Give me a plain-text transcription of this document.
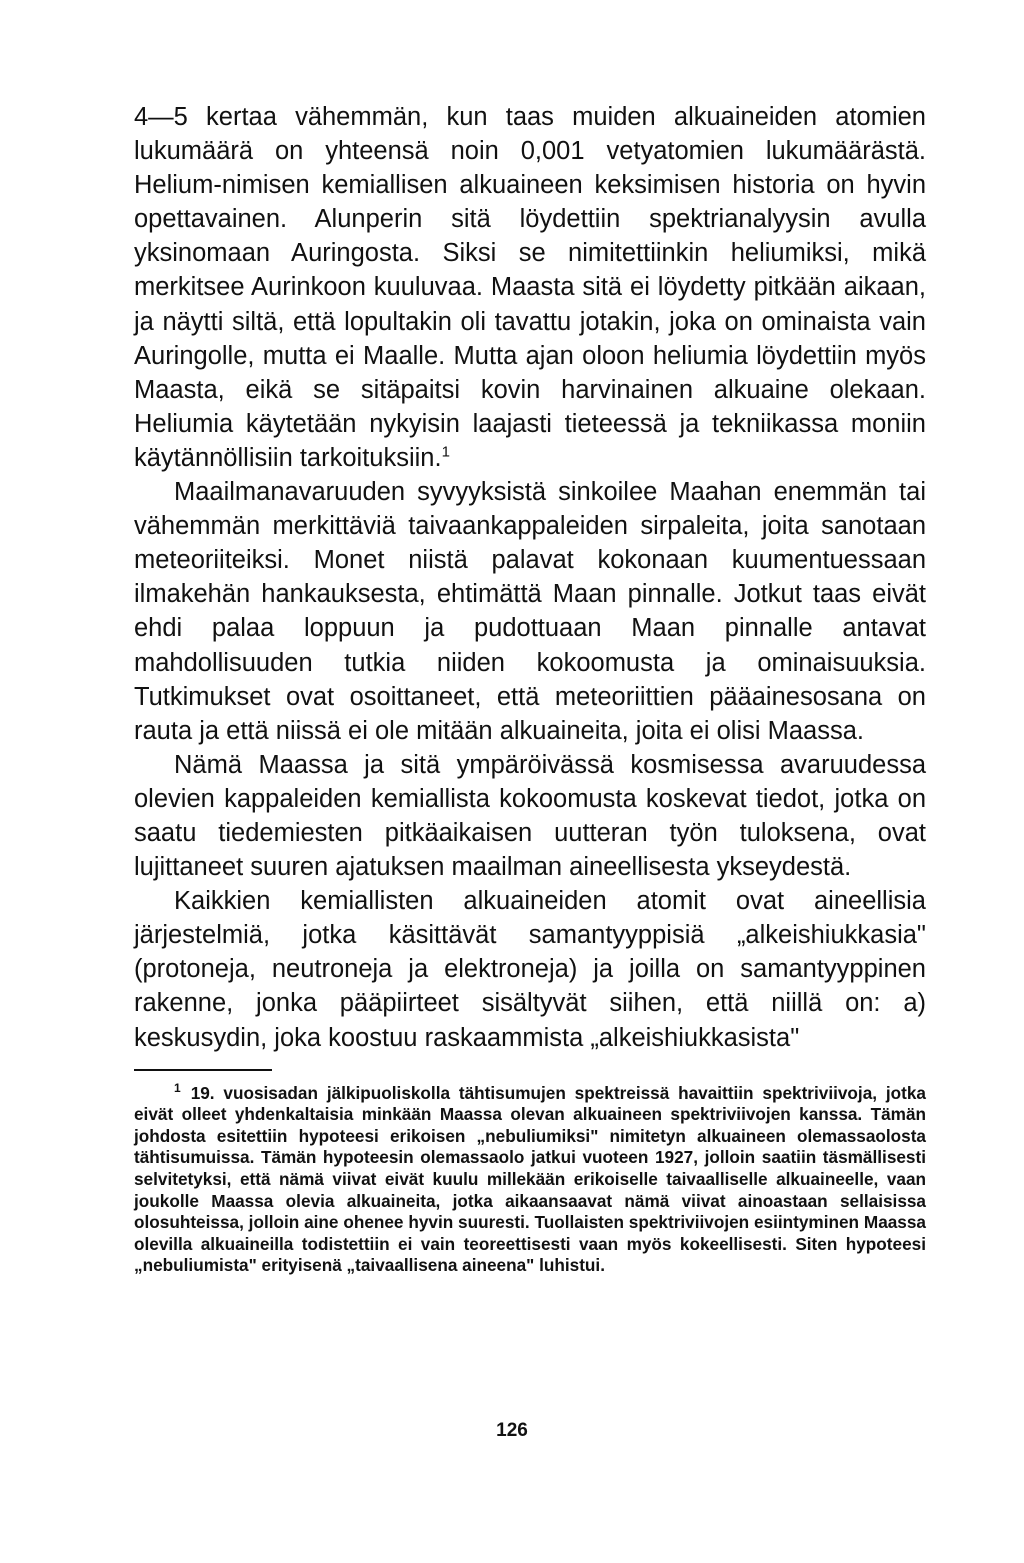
4—5 kertaa vähemmän, kun taas muiden alkuaineiden atomien lukumäärä on yhteensä noin 0,001 vetyatomien lukumäärästä. Helium-nimisen kemiallisen alkuaineen keksimisen historia on hyvin opettavainen. Alunperin sitä löydettiin spektrianalyysin avulla yksinomaan Auringosta. Siksi se nimitettiinkin heliumiksi, mikä merkitsee Aurinkoon kuuluvaa. Maasta sitä ei löydetty pitkään aikaan, ja näytti siltä, että lopultakin oli tavattu jotakin, joka on ominaista vain Auringolle, mutta ei Maalle. Mutta ajan oloon heliumia löydettiin myös Maasta, eikä se sitäpaitsi kovin harvinainen alkuaine olekaan. Heliumia käytetään nykyisin laajasti tieteessä ja tekniikassa moniin käytännöllisiin tarkoituksiin.$^1$

Maailmanavaruuden syvyyksistä sinkoilee Maahan enemmän tai vähemmän merkittäviä taivaankappaleiden sirpaleita, joita sanotaan meteoriiteiksi. Monet niistä palavat kokonaan kuumentuessaan ilmakehän hankauksesta, ehtimättä Maan pinnalle. Jotkut taas eivät ehdi palaa loppuun ja pudottuaan Maan pinnalle antavat mahdollisuuden tutkia niiden kokoomusta ja ominaisuuksia. Tutkimukset ovat osoittaneet, että meteoriittien pääainesosana on rauta ja että niissä ei ole mitään alkuaineita, joita ei olisi Maassa.

Nämä Maassa ja sitä ympäröivässä kosmisessa avaruudessa olevien kappaleiden kemiallista kokoomusta koskevat tiedot, jotka on saatu tiedemiesten pitkäaikaisen uutteran työn tuloksena, ovat lujittaneet suuren ajatuksen maailman aineellisesta ykseydestä.

Kaikkien kemiallisten alkuaineiden atomit ovat aineellisia järjestelmiä, jotka käsittävät samantyyppisiä „alkeishiukkasia" (protoneja, neutroneja ja elektroneja) ja joilla on samantyyppinen rakenne, jonka pääpiirteet sisältyvät siihen, että niillä on: a) keskusydin, joka koostuu raskaammista „alkeishiukkasista"

$^1$ 19. vuosisadan jälkipuoliskolla tähtisumujen spektreissä havaittiin spektriviivoja, jotka eivät olleet yhdenkaltaisia minkään Maassa olevan alkuaineen spektriviivojen kanssa. Tämän johdosta esitettiin hypoteesi erikoisen „nebuliumiksi" nimitetyn alkuaineen olemassaolosta tähtisumuissa. Tämän hypoteesin olemassaolo jatkui vuoteen 1927, jolloin saatiin täsmällisesti selvitetyksi, että nämä viivat eivät kuulu millekään erikoiselle taivaalliselle alkuaineelle, vaan joukolle Maassa olevia alkuaineita, jotka aikaansaavat nämä viivat ainoastaan sellaisissa olosuhteissa, jolloin aine ohenee hyvin suuresti. Tuollaisten spektriviivojen esiintyminen Maassa olevilla alkuaineilla todistettiin ei vain teoreettisesti vaan myös kokeellisesti. Siten hypoteesi „nebuliumista" erityisenä „taivaallisena aineena" luhistui.

126
